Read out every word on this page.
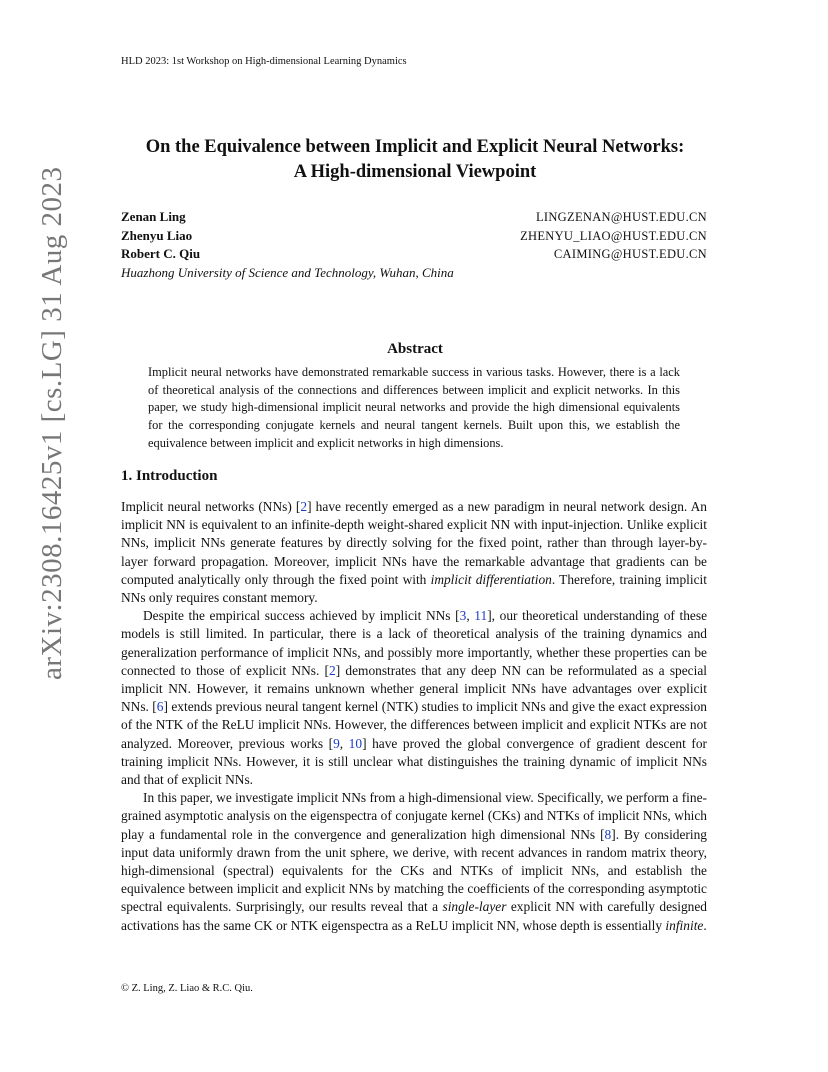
HLD 2023: 1st Workshop on High-dimensional Learning Dynamics
arXiv:2308.16425v1 [cs.LG] 31 Aug 2023
On the Equivalence between Implicit and Explicit Neural Networks:
A High-dimensional Viewpoint
Zenan Ling	LINGZENAN@HUST.EDU.CN
Zhenyu Liao	ZHENYU_LIAO@HUST.EDU.CN
Robert C. Qiu	CAIMING@HUST.EDU.CN
Huazhong University of Science and Technology, Wuhan, China
Abstract
Implicit neural networks have demonstrated remarkable success in various tasks. However, there is a lack of theoretical analysis of the connections and differences between implicit and explicit networks. In this paper, we study high-dimensional implicit neural networks and provide the high dimensional equivalents for the corresponding conjugate kernels and neural tangent kernels. Built upon this, we establish the equivalence between implicit and explicit networks in high dimensions.
1. Introduction

Implicit neural networks (NNs) [2] have recently emerged as a new paradigm in neural network design. An implicit NN is equivalent to an infinite-depth weight-shared explicit NN with input-injection. Unlike explicit NNs, implicit NNs generate features by directly solving for the fixed point, rather than through layer-by-layer forward propagation. Moreover, implicit NNs have the remarkable advantage that gradients can be computed analytically only through the fixed point with implicit differentiation. Therefore, training implicit NNs only requires constant memory.

Despite the empirical success achieved by implicit NNs [3, 11], our theoretical understanding of these models is still limited. In particular, there is a lack of theoretical analysis of the training dynamics and generalization performance of implicit NNs, and possibly more importantly, whether these properties can be connected to those of explicit NNs. [2] demonstrates that any deep NN can be reformulated as a special implicit NN. However, it remains unknown whether general implicit NNs have advantages over explicit NNs. [6] extends previous neural tangent kernel (NTK) studies to implicit NNs and give the exact expression of the NTK of the ReLU implicit NNs. However, the differences between implicit and explicit NTKs are not analyzed. Moreover, previous works [9, 10] have proved the global convergence of gradient descent for training implicit NNs. However, it is still unclear what distinguishes the training dynamic of implicit NNs and that of explicit NNs.

In this paper, we investigate implicit NNs from a high-dimensional view. Specifically, we perform a fine-grained asymptotic analysis on the eigenspectra of conjugate kernel (CKs) and NTKs of implicit NNs, which play a fundamental role in the convergence and generalization high dimensional NNs [8]. By considering input data uniformly drawn from the unit sphere, we derive, with recent advances in random matrix theory, high-dimensional (spectral) equivalents for the CKs and NTKs of implicit NNs, and establish the equivalence between implicit and explicit NNs by matching the coefficients of the corresponding asymptotic spectral equivalents. Surprisingly, our results reveal that a single-layer explicit NN with carefully designed activations has the same CK or NTK eigenspectra as a ReLU implicit NN, whose depth is essentially infinite.

© Z. Ling, Z. Liao & R.C. Qiu.
